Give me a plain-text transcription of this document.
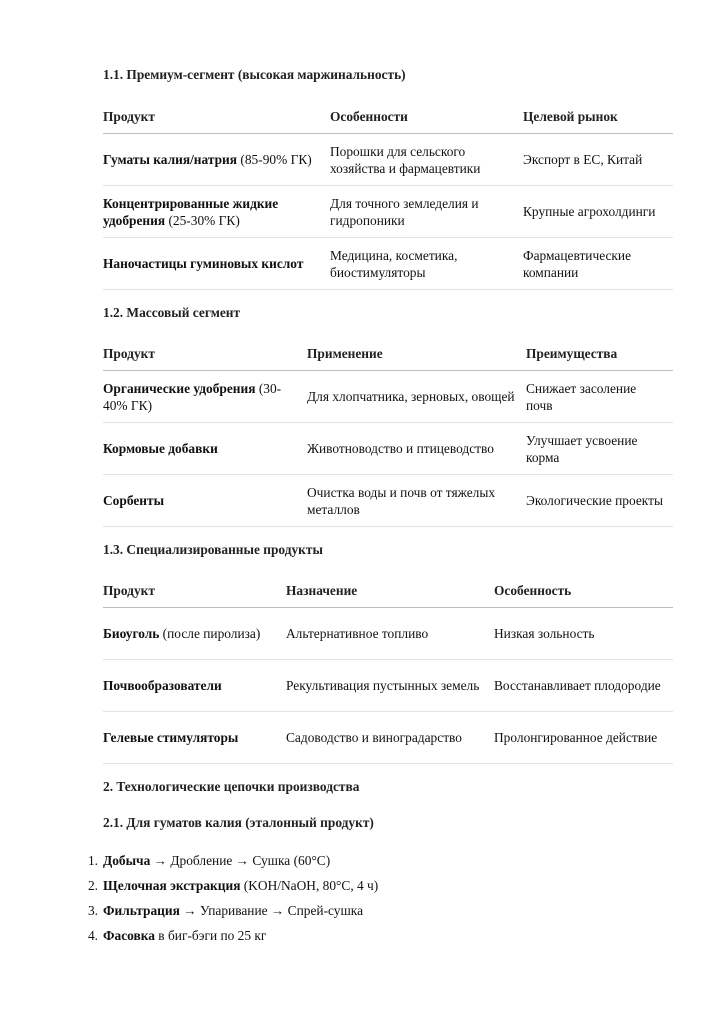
1.1. Премиум-сегмент (высокая маржинальность)
Продукт	Особенности	Целевой рынок
Гуматы калия/натрия (85-90% ГК)	Порошки для сельского хозяйства и фармацевтики	Экспорт в ЕС, Китай
Концентрированные жидкие удобрения (25-30% ГК)	Для точного земледелия и гидропоники	Крупные агрохолдинги
Наночастицы гуминовых кислот	Медицина, косметика, биостимуляторы	Фармацевтические компании
1.2. Массовый сегмент
Продукт	Применение	Преимущества
Органические удобрения (30-40% ГК)	Для хлопчатника, зерновых, овощей	Снижает засоление почв
Кормовые добавки	Животноводство и птицеводство	Улучшает усвоение корма
Сорбенты	Очистка воды и почв от тяжелых металлов	Экологические проекты
1.3. Специализированные продукты
Продукт	Назначение	Особенность
Биоуголь (после пиролиза)	Альтернативное топливо	Низкая зольность
Почвообразователи	Рекультивация пустынных земель	Восстанавливает плодородие
Гелевые стимуляторы	Садоводство и виноградарство	Пролонгированное действие
2. Технологические цепочки производства
2.1. Для гуматов калия (эталонный продукт)
1. Добыча → Дробление → Сушка (60°C)
2. Щелочная экстракция (KOH/NaOH, 80°C, 4 ч)
3. Фильтрация → Упаривание → Спрей-сушка
4. Фасовка в биг-бэги по 25 кг
